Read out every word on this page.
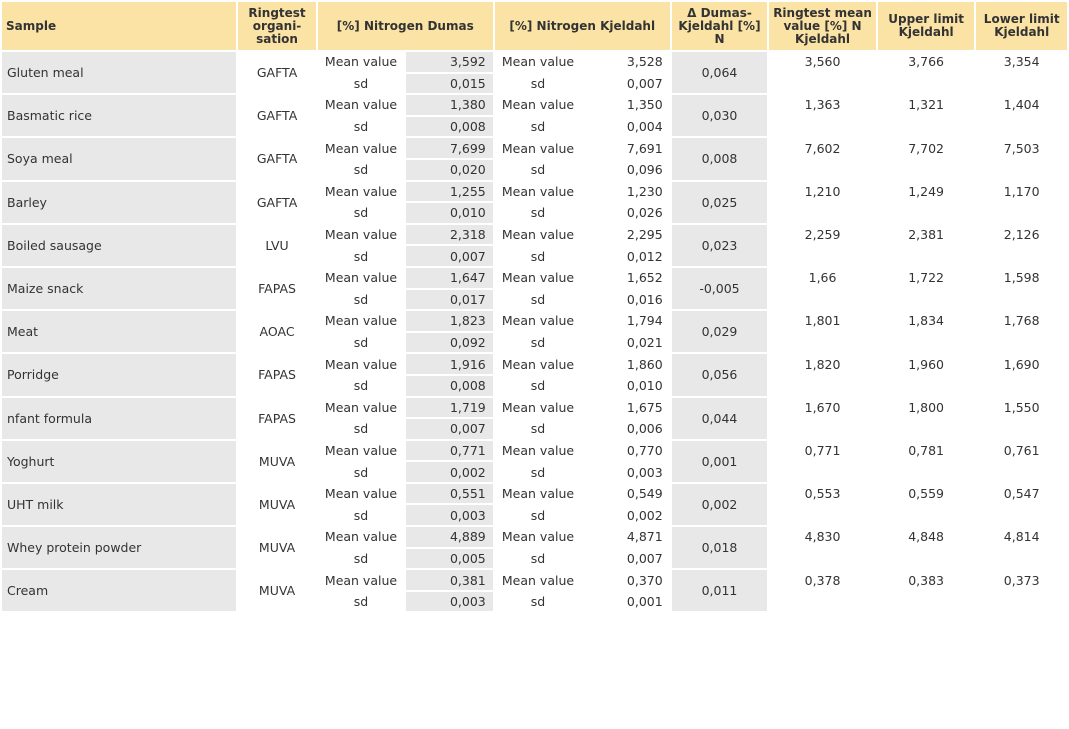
Sample	Ringtest organi-sation	[%] Nitrogen Dumas		[%] Nitrogen Kjeldahl		Δ Dumas-Kjeldahl [%] N	Ringtest mean value [%] N Kjeldahl	Upper limit Kjeldahl	Lower limit Kjeldahl
Gluten meal	GAFTA	Mean value	3,592	Mean value	3,528	0,064	3,560	3,766	3,354
		sd	0,015	sd	0,007				
Basmatic rice	GAFTA	Mean value	1,380	Mean value	1,350	0,030	1,363	1,321	1,404
		sd	0,008	sd	0,004				
Soya meal	GAFTA	Mean value	7,699	Mean value	7,691	0,008	7,602	7,702	7,503
		sd	0,020	sd	0,096				
Barley	GAFTA	Mean value	1,255	Mean value	1,230	0,025	1,210	1,249	1,170
		sd	0,010	sd	0,026				
Boiled sausage	LVU	Mean value	2,318	Mean value	2,295	0,023	2,259	2,381	2,126
		sd	0,007	sd	0,012				
Maize snack	FAPAS	Mean value	1,647	Mean value	1,652	-0,005	1,66	1,722	1,598
		sd	0,017	sd	0,016				
Meat	AOAC	Mean value	1,823	Mean value	1,794	0,029	1,801	1,834	1,768
		sd	0,092	sd	0,021				
Porridge	FAPAS	Mean value	1,916	Mean value	1,860	0,056	1,820	1,960	1,690
		sd	0,008	sd	0,010				
nfant formula	FAPAS	Mean value	1,719	Mean value	1,675	0,044	1,670	1,800	1,550
		sd	0,007	sd	0,006				
Yoghurt	MUVA	Mean value	0,771	Mean value	0,770	0,001	0,771	0,781	0,761
		sd	0,002	sd	0,003				
UHT milk	MUVA	Mean value	0,551	Mean value	0,549	0,002	0,553	0,559	0,547
		sd	0,003	sd	0,002				
Whey protein powder	MUVA	Mean value	4,889	Mean value	4,871	0,018	4,830	4,848	4,814
		sd	0,005	sd	0,007				
Cream	MUVA	Mean value	0,381	Mean value	0,370	0,011	0,378	0,383	0,373
		sd	0,003	sd	0,001				
